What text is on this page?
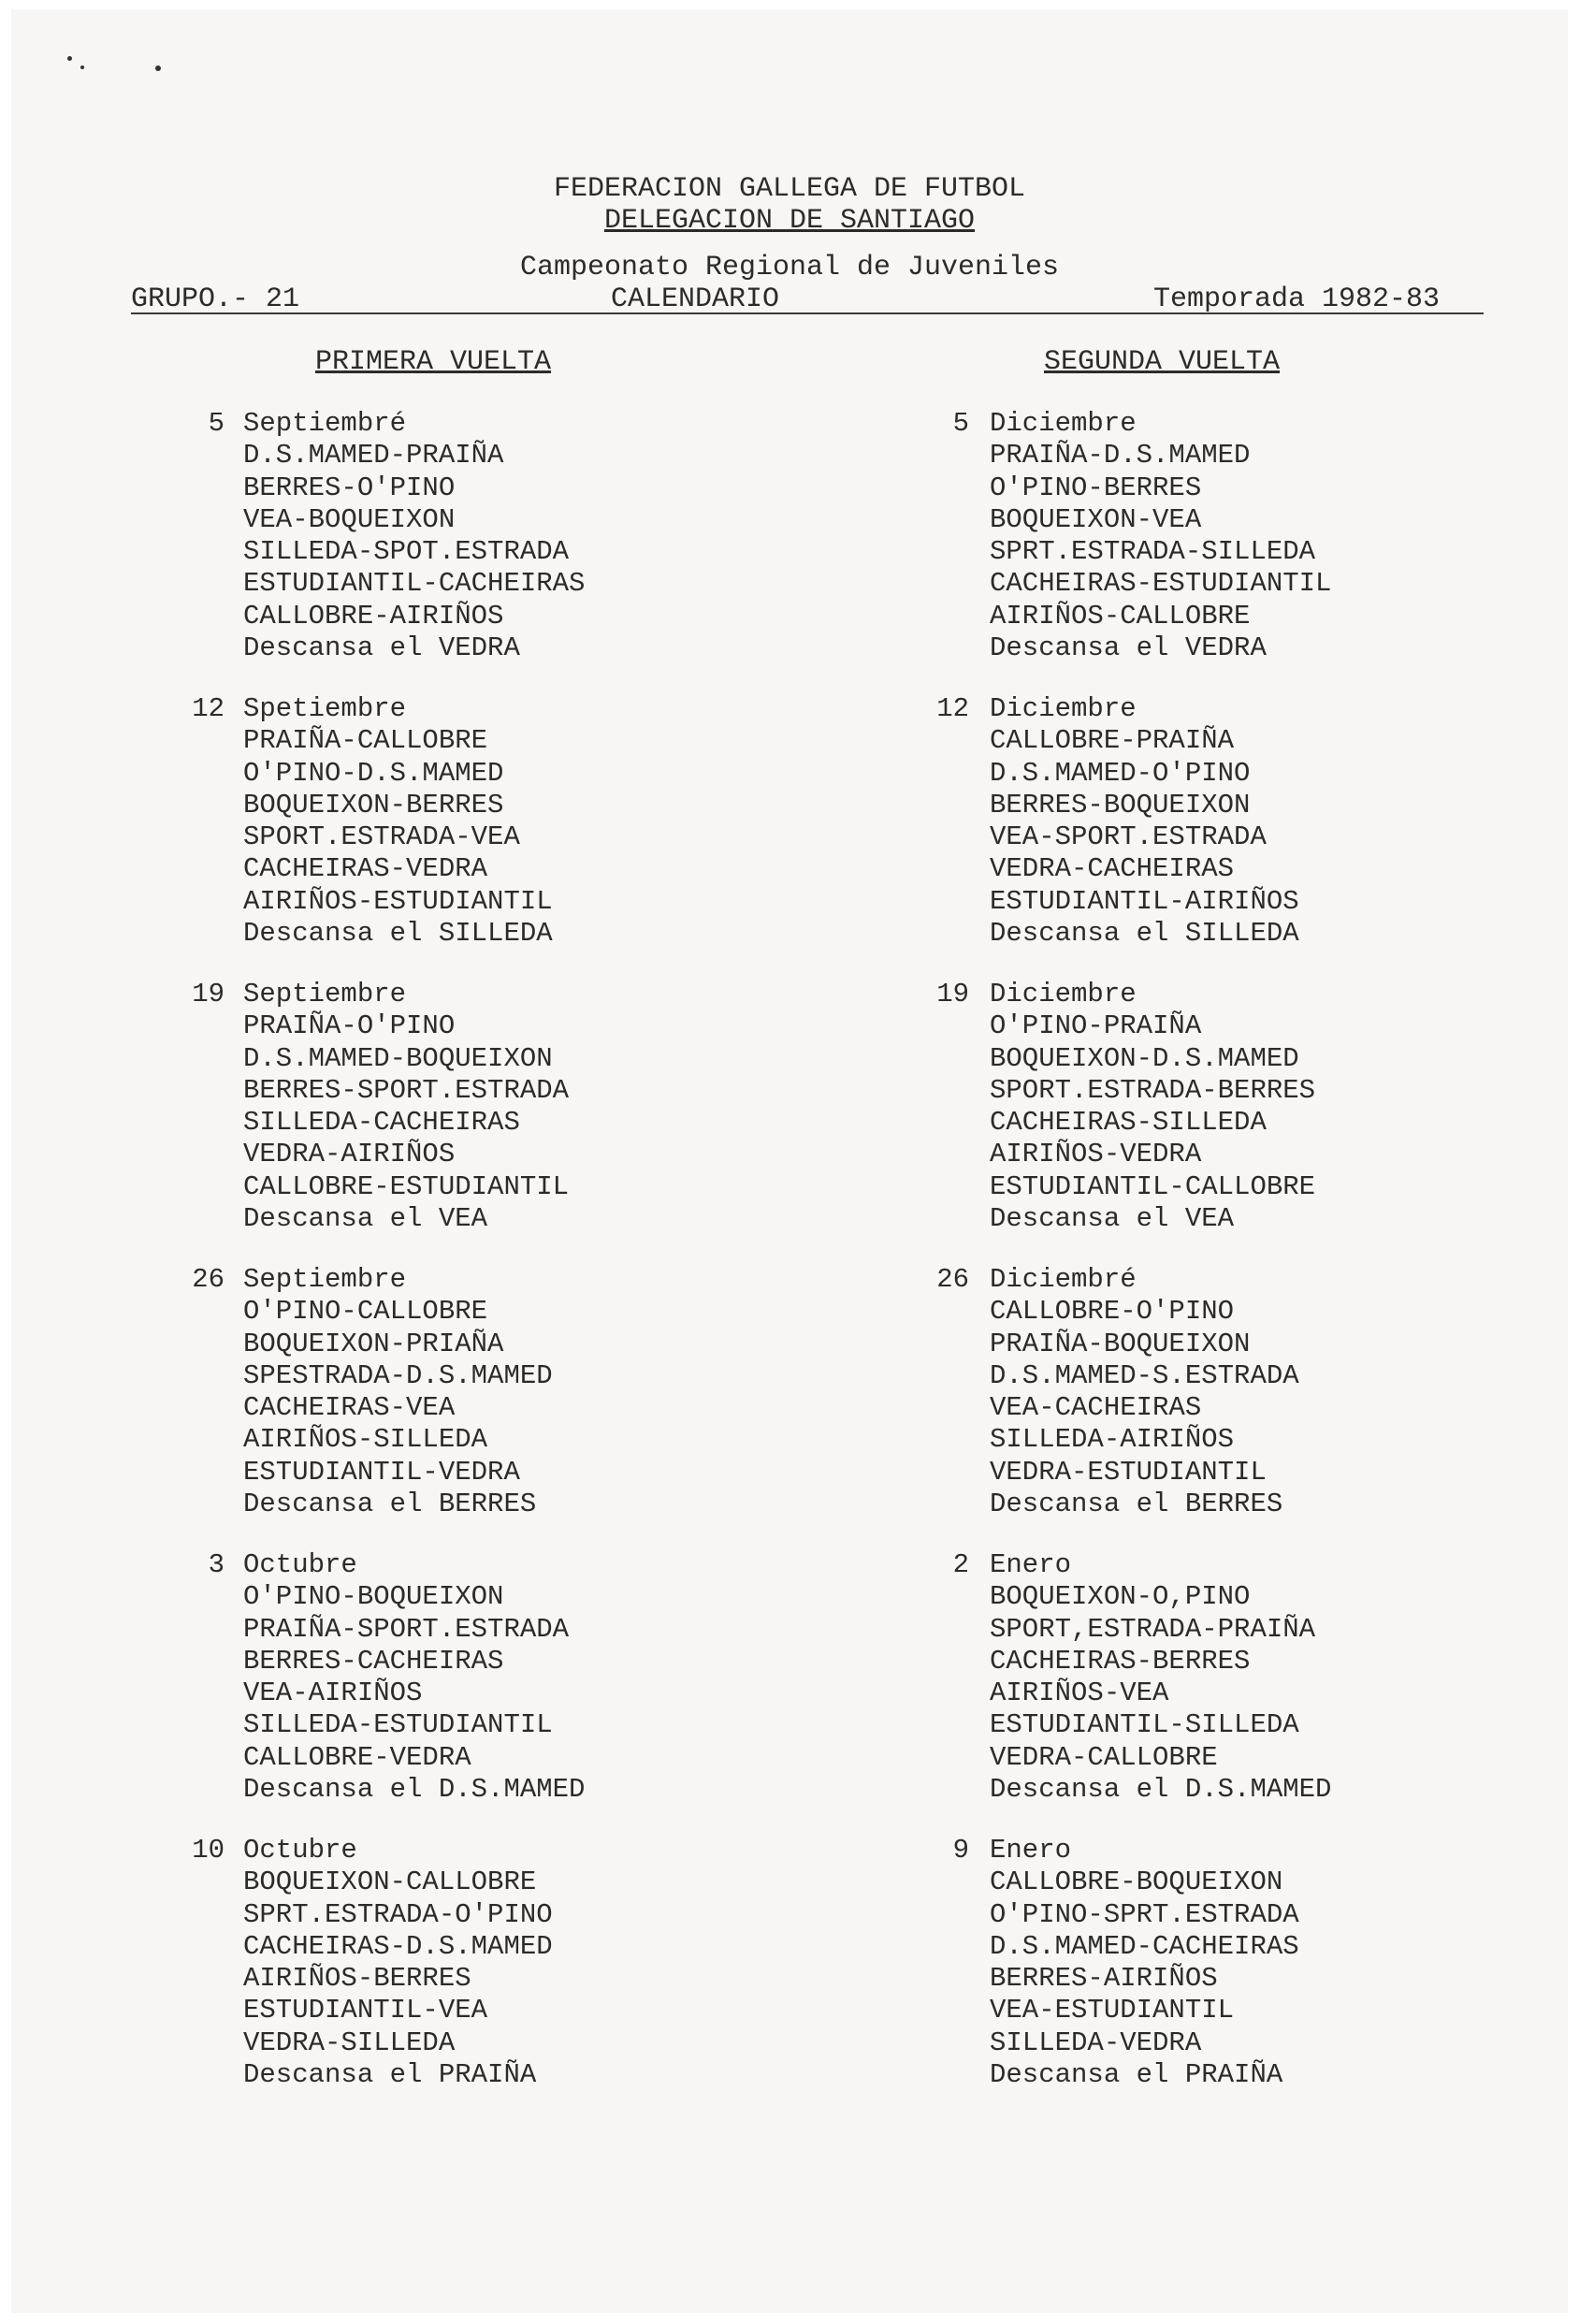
FEDERACION GALLEGA DE FUTBOL
DELEGACION DE SANTIAGO
Campeonato Regional de Juveniles
GRUPO.- 21	CALENDARIO	Temporada 1982-83
PRIMERA VUELTA	SEGUNDA VUELTA
5 Septiembré
D.S.MAMED-PRAIÑA
BERRES-O'PINO
VEA-BOQUEIXON
SILLEDA-SPOT.ESTRADA
ESTUDIANTIL-CACHEIRAS
CALLOBRE-AIRIÑOS
Descansa el VEDRA
12 Spetiembre
PRAIÑA-CALLOBRE
O'PINO-D.S.MAMED
BOQUEIXON-BERRES
SPORT.ESTRADA-VEA
CACHEIRAS-VEDRA
AIRIÑOS-ESTUDIANTIL
Descansa el SILLEDA
19 Septiembre
PRAIÑA-O'PINO
D.S.MAMED-BOQUEIXON
BERRES-SPORT.ESTRADA
SILLEDA-CACHEIRAS
VEDRA-AIRIÑOS
CALLOBRE-ESTUDIANTIL
Descansa el VEA
26 Septiembre
O'PINO-CALLOBRE
BOQUEIXON-PRIAÑA
SPESTRADA-D.S.MAMED
CACHEIRAS-VEA
AIRIÑOS-SILLEDA
ESTUDIANTIL-VEDRA
Descansa el BERRES
3 Octubre
O'PINO-BOQUEIXON
PRAIÑA-SPORT.ESTRADA
BERRES-CACHEIRAS
VEA-AIRIÑOS
SILLEDA-ESTUDIANTIL
CALLOBRE-VEDRA
Descansa el D.S.MAMED
10 Octubre
BOQUEIXON-CALLOBRE
SPRT.ESTRADA-O'PINO
CACHEIRAS-D.S.MAMED
AIRIÑOS-BERRES
ESTUDIANTIL-VEA
VEDRA-SILLEDA
Descansa el PRAIÑA
5 Diciembre
PRAIÑA-D.S.MAMED
O'PINO-BERRES
BOQUEIXON-VEA
SPRT.ESTRADA-SILLEDA
CACHEIRAS-ESTUDIANTIL
AIRIÑOS-CALLOBRE
Descansa el VEDRA
12 Diciembre
CALLOBRE-PRAIÑA
D.S.MAMED-O'PINO
BERRES-BOQUEIXON
VEA-SPORT.ESTRADA
VEDRA-CACHEIRAS
ESTUDIANTIL-AIRIÑOS
Descansa el SILLEDA
19 Diciembre
O'PINO-PRAIÑA
BOQUEIXON-D.S.MAMED
SPORT.ESTRADA-BERRES
CACHEIRAS-SILLEDA
AIRIÑOS-VEDRA
ESTUDIANTIL-CALLOBRE
Descansa el VEA
26 Diciembré
CALLOBRE-O'PINO
PRAIÑA-BOQUEIXON
D.S.MAMED-S.ESTRADA
VEA-CACHEIRAS
SILLEDA-AIRIÑOS
VEDRA-ESTUDIANTIL
Descansa el BERRES
2 Enero
BOQUEIXON-O,PINO
SPORT,ESTRADA-PRAIÑA
CACHEIRAS-BERRES
AIRIÑOS-VEA
ESTUDIANTIL-SILLEDA
VEDRA-CALLOBRE
Descansa el D.S.MAMED
9 Enero
CALLOBRE-BOQUEIXON
O'PINO-SPRT.ESTRADA
D.S.MAMED-CACHEIRAS
BERRES-AIRIÑOS
VEA-ESTUDIANTIL
SILLEDA-VEDRA
Descansa el PRAIÑA
